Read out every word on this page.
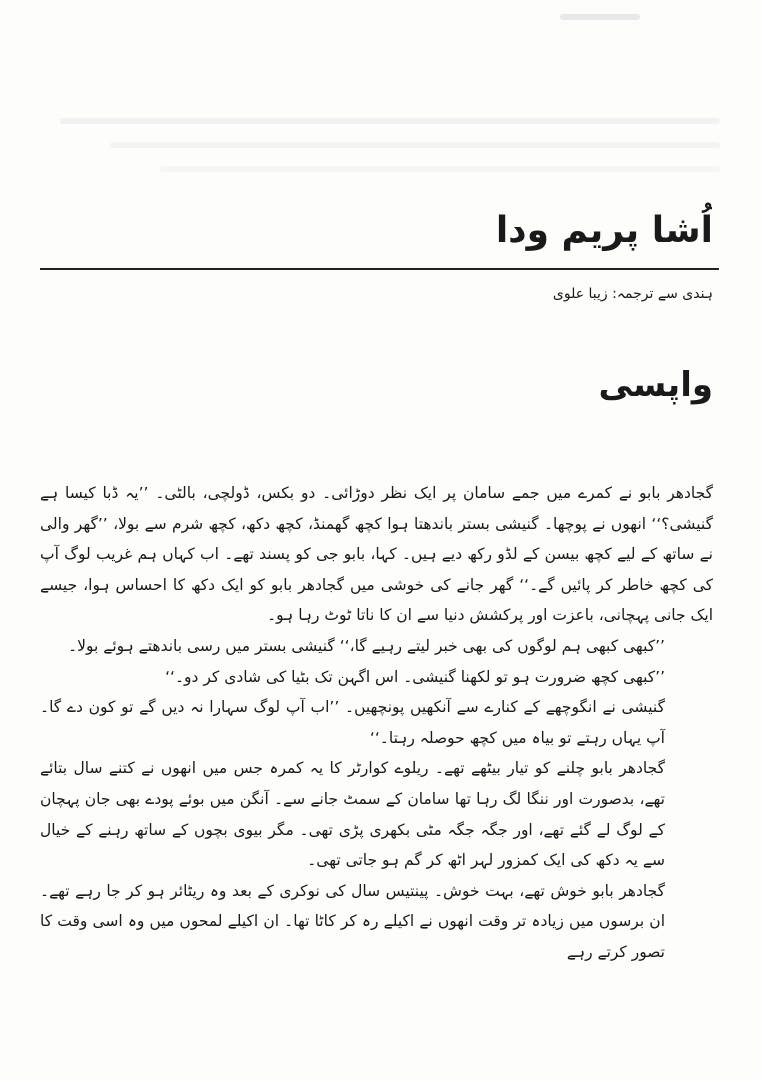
اُشا پریم ودا
ہندی سے ترجمہ: زیبا علوی
واپسی

گجادھر بابو نے کمرے میں جمے سامان پر ایک نظر دوڑائی۔ دو بکس، ڈولچی، بالٹی۔ ’’یہ ڈبا کیسا ہے گنیشی؟‘‘ انھوں نے پوچھا۔ گنیشی بستر باندھتا ہوا کچھ گھمنڈ، کچھ دکھ، کچھ شرم سے بولا، ’’گھر والی نے ساتھ کے لیے کچھ بیسن کے لڈو رکھ دیے ہیں۔ کہا، بابو جی کو پسند تھے۔ اب کہاں ہم غریب لوگ آپ کی کچھ خاطر کر پائیں گے۔‘‘ گھر جانے کی خوشی میں گجادھر بابو کو ایک دکھ کا احساس ہوا، جیسے ایک جانی پہچانی، باعزت اور پرکشش دنیا سے ان کا ناتا ٹوٹ رہا ہو۔

’’کبھی کبھی ہم لوگوں کی بھی خبر لیتے رہیے گا،‘‘ گنیشی بستر میں رسی باندھتے ہوئے بولا۔

’’کبھی کچھ ضرورت ہو تو لکھنا گنیشی۔ اس اگہن تک بٹیا کی شادی کر دو۔‘‘

گنیشی نے انگوچھے کے کنارے سے آنکھیں پونچھیں۔ ’’اب آپ لوگ سہارا نہ دیں گے تو کون دے گا۔ آپ یہاں رہتے تو بیاہ میں کچھ حوصلہ رہتا۔‘‘

گجادھر بابو چلنے کو تیار بیٹھے تھے۔ ریلوے کوارٹر کا یہ کمرہ جس میں انھوں نے کتنے سال بتائے تھے، بدصورت اور ننگا لگ رہا تھا سامان کے سمٹ جانے سے۔ آنگن میں بوئے پودے بھی جان پہچان کے لوگ لے گئے تھے، اور جگہ جگہ مٹی بکھری پڑی تھی۔ مگر بیوی بچوں کے ساتھ رہنے کے خیال سے یہ دکھ کی ایک کمزور لہر اٹھ کر گم ہو جاتی تھی۔

گجادھر بابو خوش تھے، بہت خوش۔ پینتیس سال کی نوکری کے بعد وہ ریٹائر ہو کر جا رہے تھے۔ ان برسوں میں زیادہ تر وقت انھوں نے اکیلے رہ کر کاٹا تھا۔ ان اکیلے لمحوں میں وہ اسی وقت کا تصور کرتے رہے
